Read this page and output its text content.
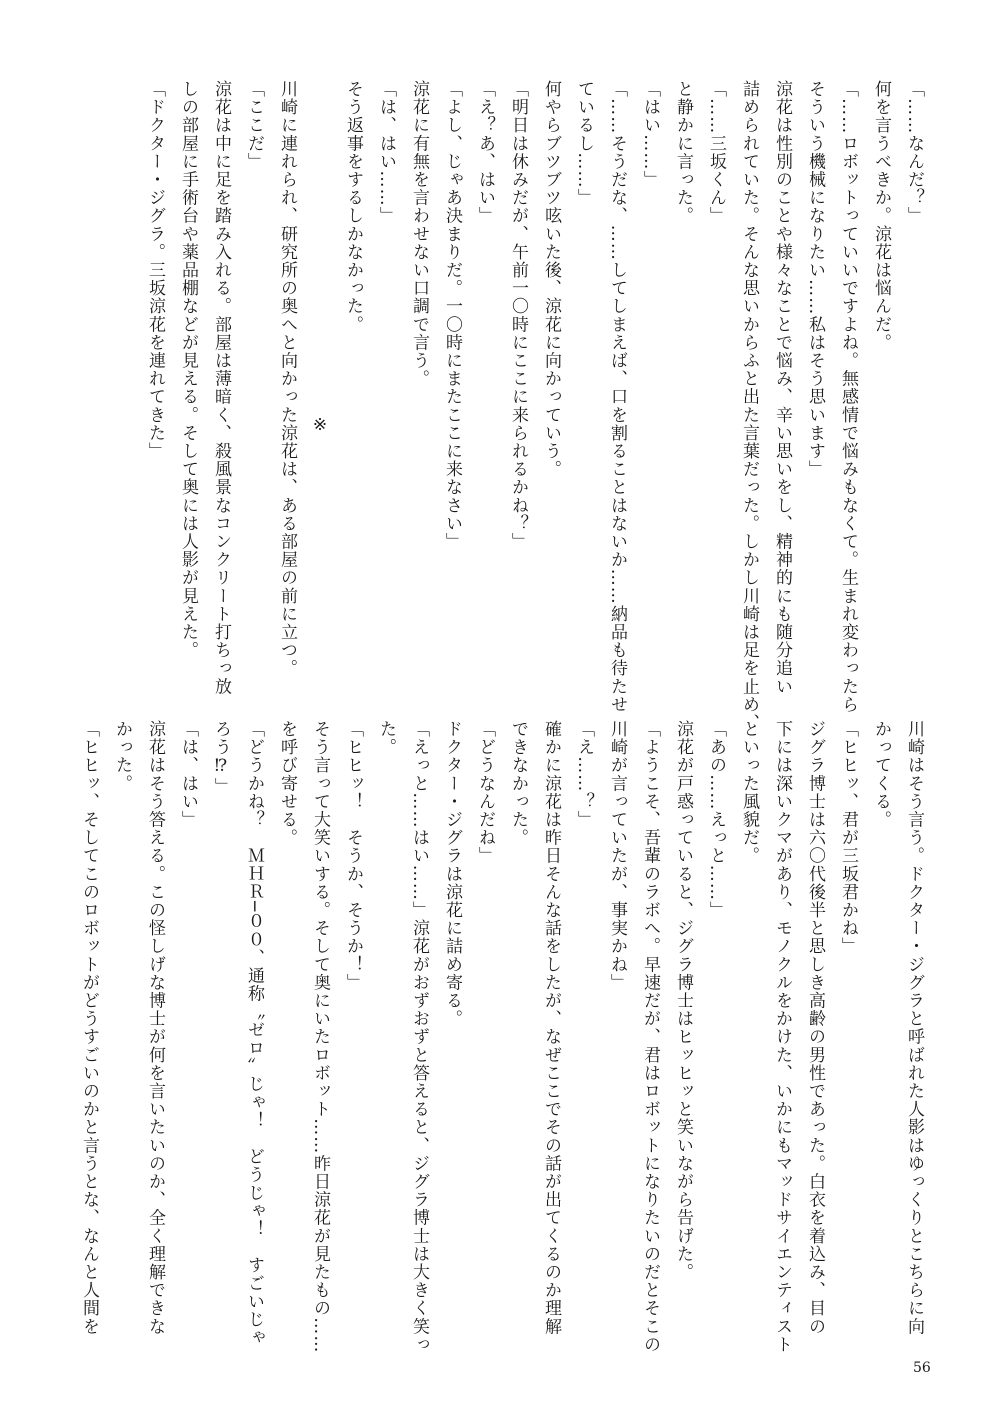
「……なんだ？」

何を言うべきか。涼花は悩んだ。

「……ロボットっていいですよね。無感情で悩みもなくて。生まれ変わったら

そういう機械になりたい……私はそう思います」

涼花は性別のことや様々なことで悩み、辛い思いをし、精神的にも随分追い

詰められていた。そんな思いからふと出た言葉だった。しかし川崎は足を止め、

「……三坂くん」

と静かに言った。

「はい……」

「……そうだな、……してしまえば、口を割ることはないか……納品も待たせ

ているし……」

何やらブツブツ呟いた後、涼花に向かっていう。

「明日は休みだが、午前一〇時にここに来られるかね？」

「え？あ、はい」

「よし、じゃあ決まりだ。一〇時にまたここに来なさい」

涼花に有無を言わせない口調で言う。

「は、はい……」

そう返事をするしかなかった。

※

川崎に連れられ、研究所の奥へと向かった涼花は、ある部屋の前に立つ。

「ここだ」

涼花は中に足を踏み入れる。部屋は薄暗く、殺風景なコンクリート打ちっ放

しの部屋に手術台や薬品棚などが見える。そして奥には人影が見えた。

「ドクター・ジグラ。三坂涼花を連れてきた」

川崎はそう言う。ドクター・ジグラと呼ばれた人影はゆっくりとこちらに向

かってくる。

「ヒヒッ、君が三坂君かね」

ジグラ博士は六〇代後半と思しき高齢の男性であった。白衣を着込み、目の

下には深いクマがあり、モノクルをかけた、いかにもマッドサイエンティスト

といった風貌だ。

「あの……えっと……」

涼花が戸惑っていると、ジグラ博士はヒッヒッと笑いながら告げた。

「ようこそ、吾輩のラボへ。早速だが、君はロボットになりたいのだとそこの

川崎が言っていたが、事実かね」

「え……？」

確かに涼花は昨日そんな話をしたが、なぜここでその話が出てくるのか理解

できなかった。

「どうなんだね」

ドクター・ジグラは涼花に詰め寄る。

「えっと……はい……」涼花がおずおずと答えると、ジグラ博士は大きく笑っ

た。

「ヒヒッ！　そうか、そうか！」

そう言って大笑いする。そして奥にいたロボット……昨日涼花が見たもの……

を呼び寄せる。

「どうかね？　ＭＨＲ─００、通称〝ゼロ〟じゃ！　どうじゃ！　すごいじゃ

ろう⁉」

「は、はい」

涼花はそう答える。この怪しげな博士が何を言いたいのか、全く理解できな

かった。

「ヒヒッ、そしてこのロボットがどうすごいのかと言うとな、なんと人間を

56
